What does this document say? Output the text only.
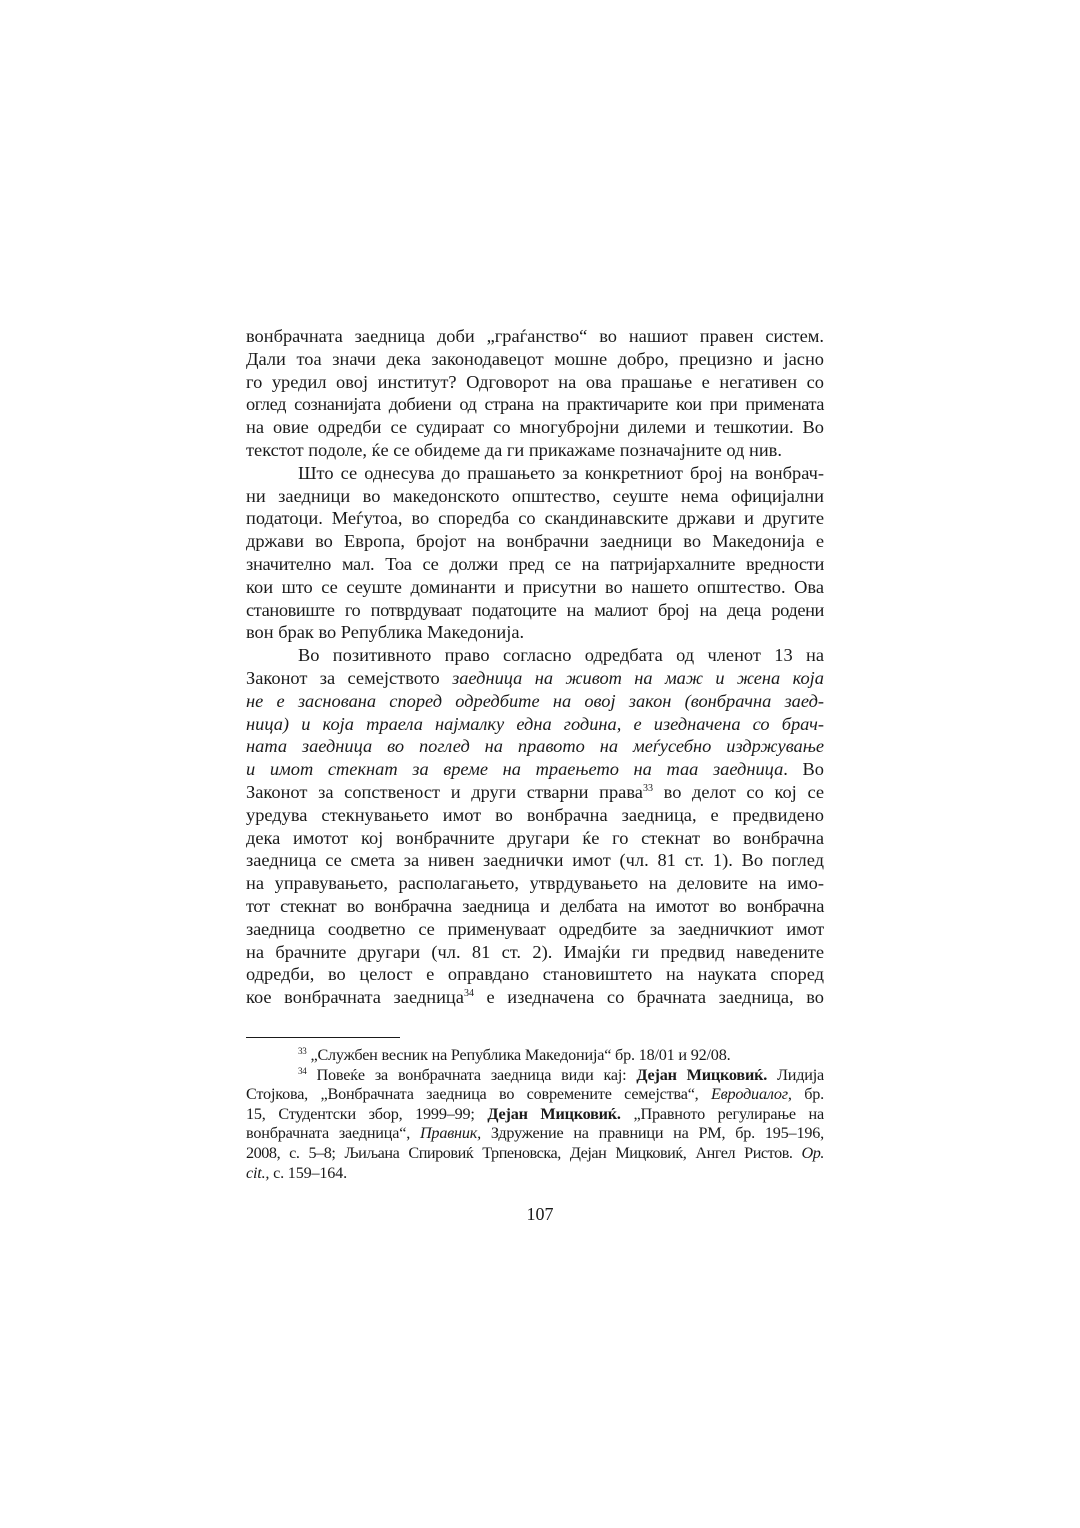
вонбрачната заедница доби „граѓанство“ во нашиот правен систем.
Дали тоа значи дека законодавецот мошне добро, прецизно и јасно
го уредил овој институт? Одговорот на ова прашање е негативен со
оглед сознанијата добиени од страна на практичарите кои при примената
на овие одредби се судираат со многубројни дилеми и тешкотии. Во
текстот подоле, ќе се обидеме да ги прикажаме позначајните од нив.
Што се однесува до прашањето за конкретниот број на вонбрач-
ни заедници во македонското општество, сеуште нема официјални
податоци. Меѓутоа, во споредба со скандинавските држави и другите
држави во Европа, бројот на вонбрачни заедници во Македонија е
значително мал. Тоа се должи пред се на патријархалните вредности
кои што се сеуште доминанти и присутни во нашето општество. Ова
становиште го потврдуваат податоците на малиот број на деца родени
вон брак во Република Македонија.
Во позитивното право согласно одредбата од членот 13 на
Законот за семејството заедница на живот на маж и жена која
не е заснована според одредбите на овој закон (вонбрачна заед-
ница) и која траела најмалку една година, е изедначена со брач-
ната заедница во поглед на правото на меѓусебно издржување
и имот стекнат за време на траењето на таа заедница. Во
Законот за сопственост и други стварни права$^{33}$ во делот со кој се
уредува стекнувањето имот во вонбрачна заедница, е предвидено
дека имотот кој вонбрачните другари ќе го стекнат во вонбрачна
заедница се смета за нивен заеднички имот (чл. 81 ст. 1). Во поглед
на управувањето, располагањето, утврдувањето на деловите на имо-
тот стекнат во вонбрачна заедница и делбата на имотот во вонбрачна
заедница соодветно се применуваат одредбите за заедничкиот имот
на брачните другари (чл. 81 ст. 2). Имајќи ги предвид наведените
одредби, во целост е оправдано становиштето на науката според
кое вонбрачната заедница$^{34}$ е изедначена со брачната заедница, во
$^{33}$ „Службен весник на Република Македонија“ бр. 18/01 и 92/08.
$^{34}$ Повеќе за вонбрачната заедница види кај: Дејан Мицковиќ. Лидија
Стојкова, „Вонбрачната заедница во современите семејства“, Евродиалог, бр.
15, Студентски збор, 1999–99; Дејан Мицковиќ. „Правното регулирање на
вонбрачната заедница“, Правник, Здружение на правници на РМ, бр. 195–196,
2008, с. 5–8; Љиљана Спировиќ Трпеновска, Дејан Мицковиќ, Ангел Ристов. Op.
cit., с. 159–164.
107
